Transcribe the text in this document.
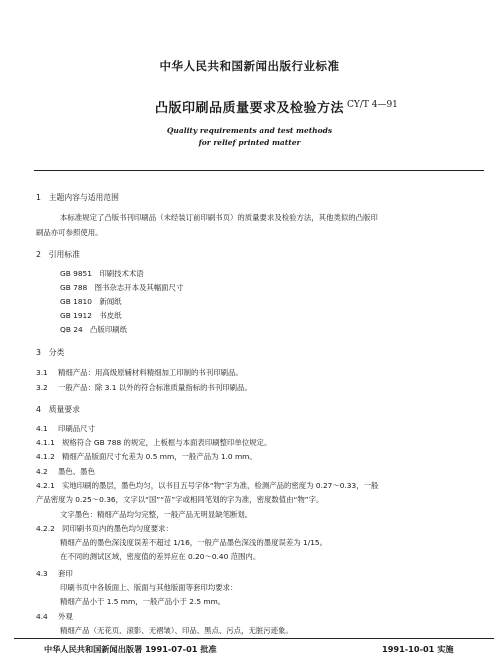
中华人民共和国新闻出版行业标准
凸版印刷品质量要求及检验方法 CY/T 4—91
Quality requirements and test methods
for relief printed matter
1　主题内容与适用范围
本标准规定了凸版书刊印刷品（未经装订前印刷书页）的质量要求及检验方法，其他类似的凸版印
刷品亦可参照使用。
2　引用标准
GB 9851　印刷技术术语
GB 788　图书杂志开本及其幅面尺寸
GB 1810　新闻纸
GB 1912　书皮纸
QB 24　凸版印刷纸
3　分类
3.1 精细产品：用高级原辅材料精细加工印制的书刊印刷品。
3.2 一般产品：除 3.1 以外的符合标准质量指标的书刊印刷品。
4　质量要求
4.1 印刷品尺寸
4.1.1 规格符合 GB 788 的规定，上板框与本面表印刷整印单位规定。
4.1.2 精细产品版面尺寸允差为 0.5 mm，一般产品为 1.0 mm。
4.2 墨色、墨色
4.2.1 实地印刷的墨层，墨色均匀，以书目五号字体“物”字为准，检测产品的密度为 0.27～0.33，一般
产品密度为 0.25～0.36，文字以“国”“苗”字或相同笔划的字为准，密度数值由“物”字。
文字墨色：精细产品均匀完整，一般产品无明显缺笔断划。
4.2.2 同印刷书页内的墨色均匀度要求：
精细产品的墨色深浅度误差不超过 1/16，一般产品墨色深浅的墨度误差为 1/15。
在不同的测试区域，密度值的差异应在 0.20～0.40 范围内。
4.3 套印
印刷书页中各版面上、版面与其他版面等套印均要求：
精细产品小于 1.5 mm，一般产品小于 2.5 mm。
4.4 外观
精细产品（无花页、滚影、无褶皱）、印品、黑点、污点，无脏污迹象。
中华人民共和国新闻出版署 1991-07-01 批准	1991-10-01 实施
